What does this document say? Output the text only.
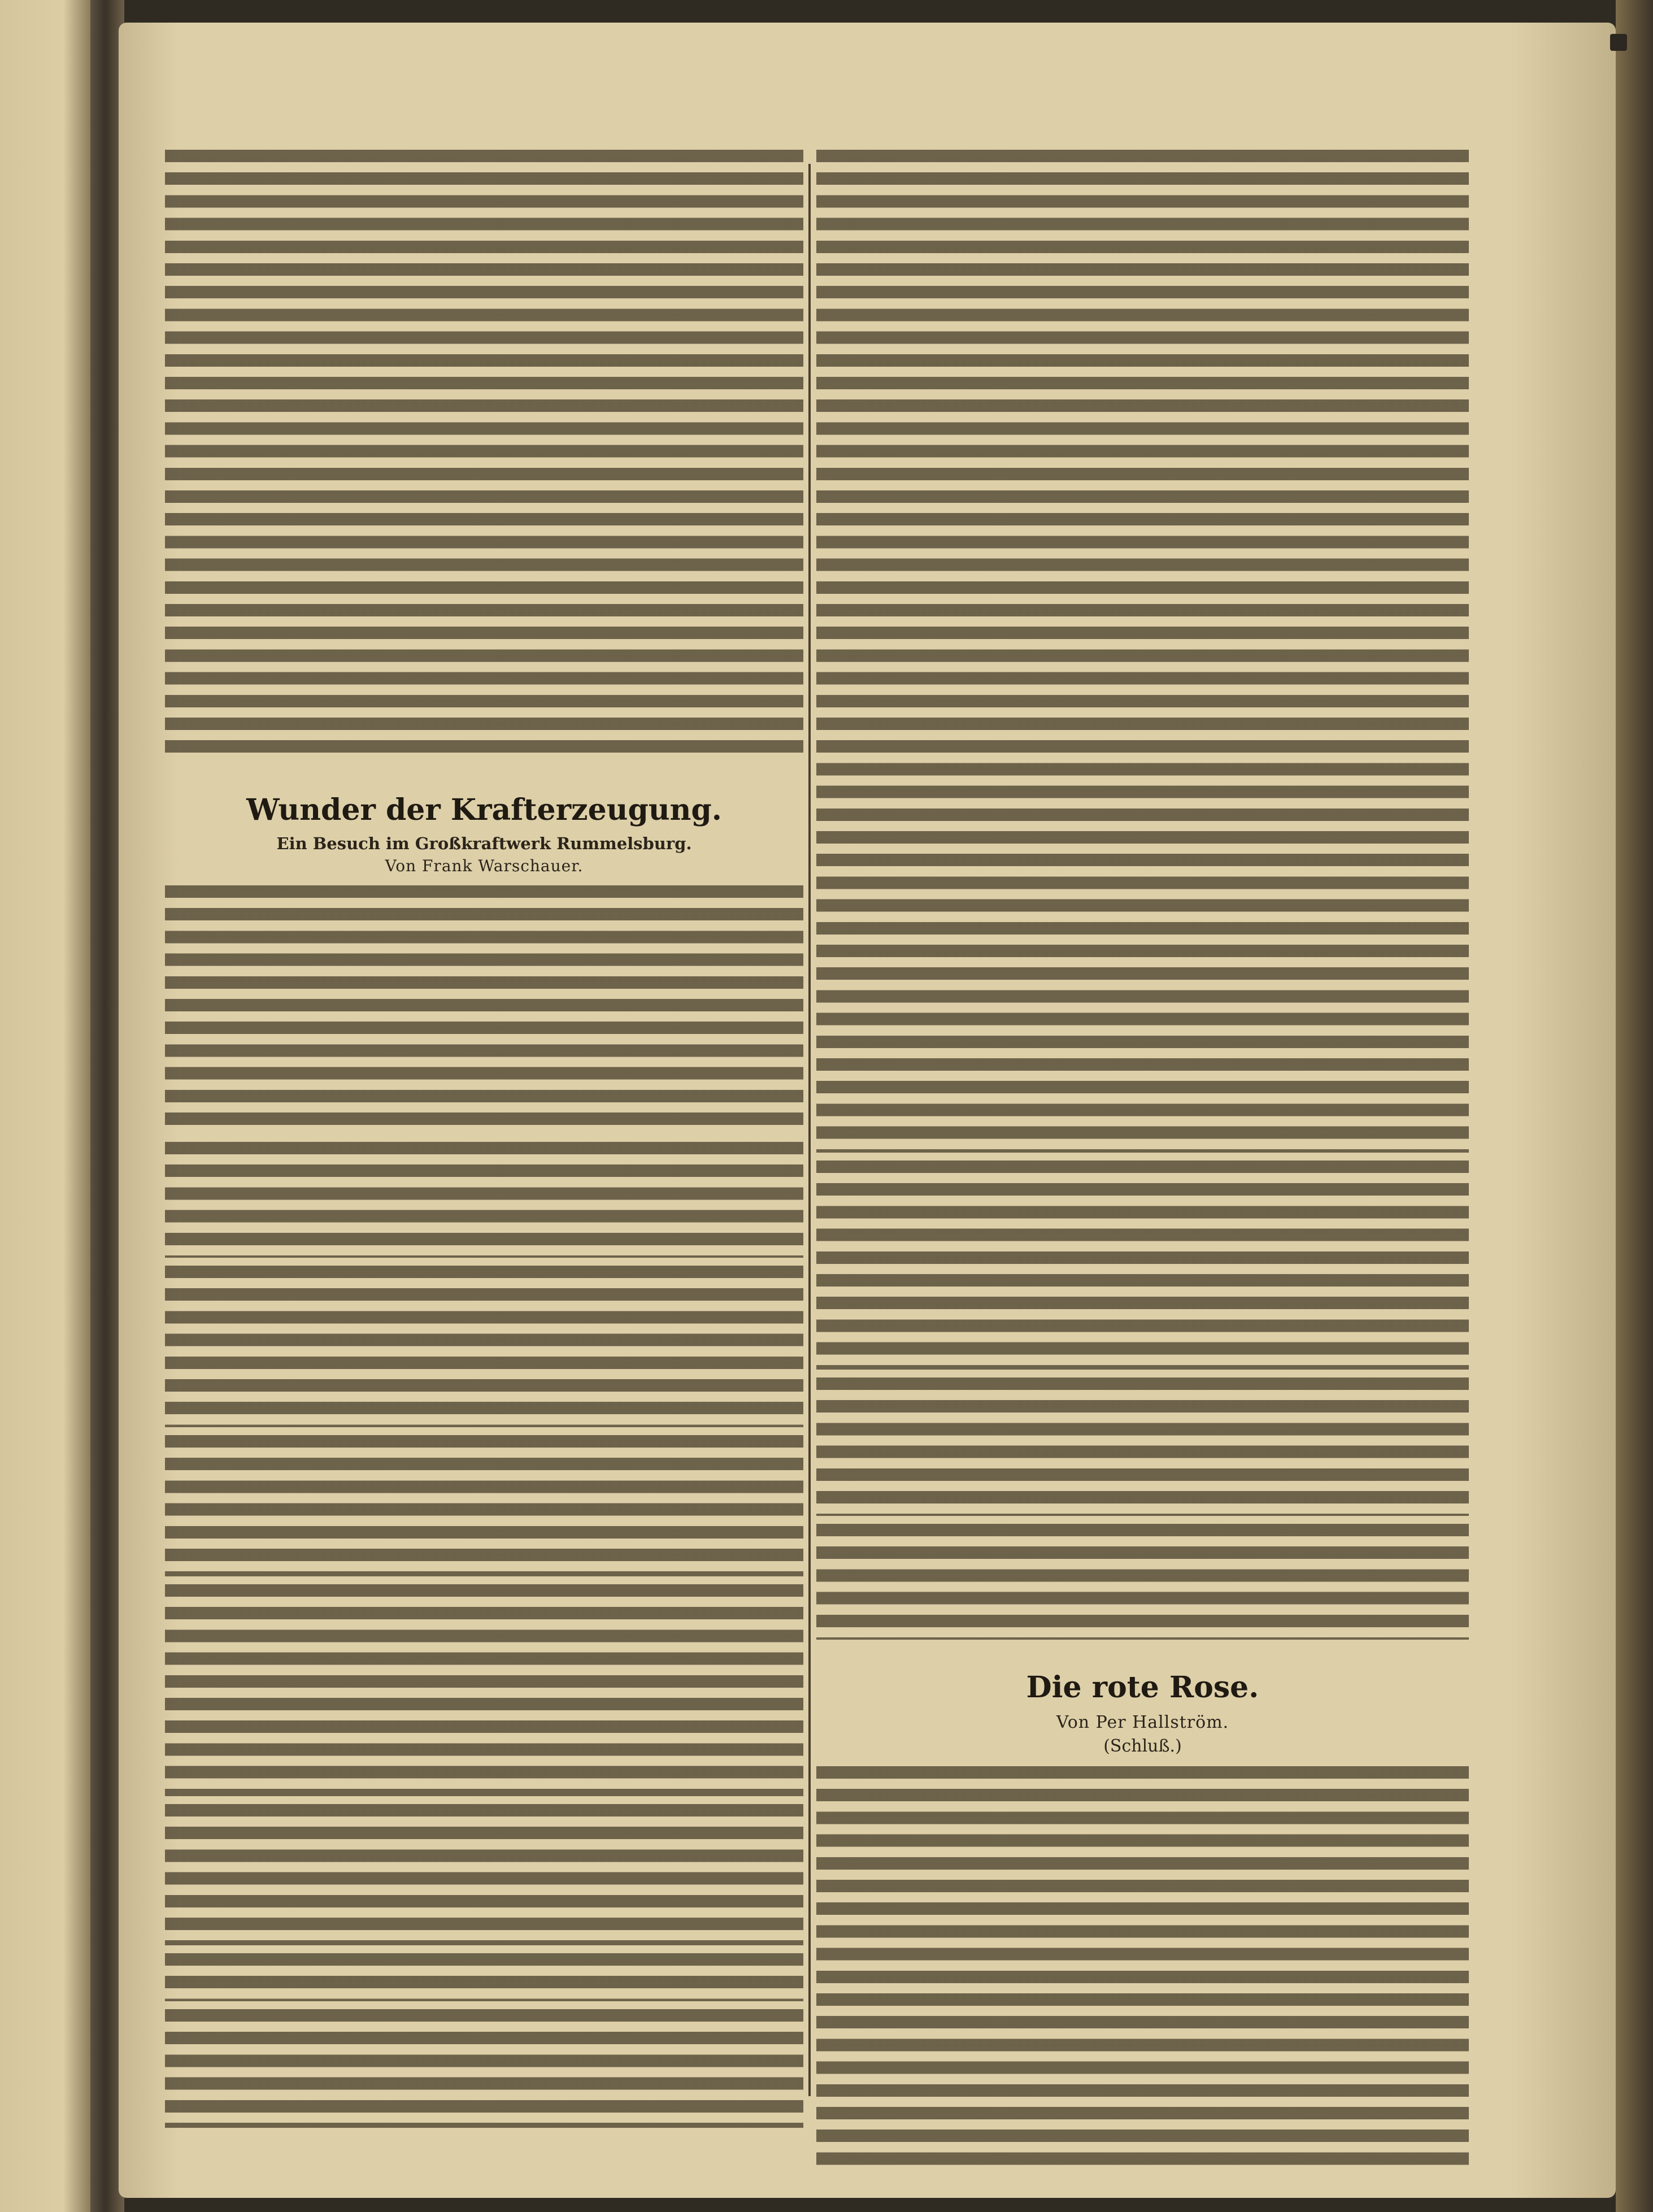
Wunder der Krafterzeugung.
Ein Besuch im Großkraftwerk Rummelsburg.
Von Frank Warschauer.
Die rote Rose.
Von Per Hallström.
(Schluß.)
